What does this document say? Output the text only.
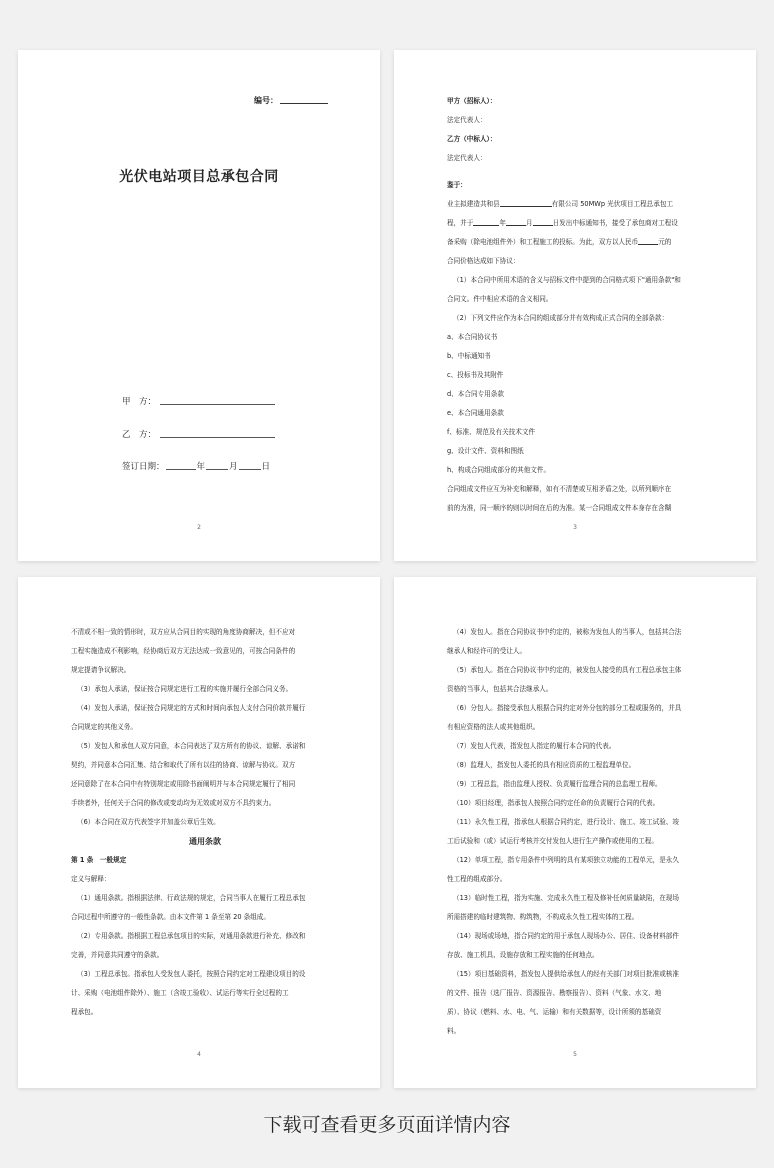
编号：
光伏电站项目总承包合同
甲　方：
乙　方：
签订日期：	年	月	日
2

甲方（招标人）：

法定代表人：

乙方（中标人）：

法定代表人：

鉴于：

业主拟建造共和县	有限公司 50MWp 光伏项目工程总承包工

程，并于	年	月	日发出中标通知书，接受了承包商对工程设

备采购（除电池组件外）和工程施工的投标。为此，双方以人民币	元的

合同价格达成如下协议：

（1）本合同中所用术语的含义与招标文件中提到的合同格式项下"通用条款"和

合同文。件中相应术语的含义相同。

（2）下列文件应作为本合同的组成部分并有效构成正式合同的全部条款：

a、本合同协议书

b、中标通知书

c、投标书及其附件

d、本合同专用条款

e、本合同通用条款

f、标准、规范及有关技术文件

g、设计文件、资料和图纸

h、构成合同组成部分的其他文件。

合同组成文件应互为补充和解释，如有不清楚或互相矛盾之处，以所列顺序在

前的为准，同一顺序的则以时间在后的为准。某一合同组成文件本身存在含糊

3

不清或不相一致的情形时，双方应从合同目的实现的角度协商解决，但不应对

工程实施造成不利影响，经协商后双方无法达成一致意见的，可按合同条件的

规定提请争议解决。

（3）承包人承诺，保证按合同规定进行工程的实施并履行全部合同义务。

（4）发包人承诺，保证按合同规定的方式和时间向承包人支付合同价款并履行

合同规定的其他义务。

（5）发包人和承包人双方同意，本合同表达了双方所有的协议、谅解、承诺和

契约，并同意本合同汇集、结合和取代了所有以往的协商、谅解与协议。双方

还同意除了在本合同中有特别规定或用除书面阐明并与本合同规定履行了相同

手续者外，任何关于合同的修改或变动均为无效或对双方不具约束力。

（6）本合同在双方代表签字并加盖公章后生效。

通用条款

第 1 条　一般规定

定义与解释：

（1）通用条款。指根据法律、行政法规的规定，合同当事人在履行工程总承包

合同过程中所遵守的一般性条款。由本文件第 1 条至第 20 条组成。

（2）专用条款。指根据工程总承包项目的实际，对通用条款进行补充、修改和

完善，并同意共同遵守的条款。

（3）工程总承包。指承包人受发包人委托，按照合同约定对工程建设项目的设

计、采购（电池组件除外）、施工（含竣工验收）、试运行等实行全过程的工

程承包。

4

（4）发包人。指在合同协议书中约定的，被称为发包人的当事人，包括其合法

继承人和经许可的受让人。

（5）承包人。指在合同协议书中约定的，被发包人接受的具有工程总承包主体

资格的当事人，包括其合法继承人。

（6）分包人。指接受承包人根据合同约定对外分包的部分工程或服务的，并具

有相应资格的法人或其他组织。

（7）发包人代表，指发包人指定的履行本合同的代表。

（8）监理人，指发包人委托的具有相应资质的工程监理单位。

（9）工程总监，指由监理人授权、负责履行监理合同的总监理工程师。

（10）项目经理，指承包人按照合同约定任命的负责履行合同的代表。

（11）永久性工程，指承包人根据合同约定，进行设计、施工、竣工试验、竣

工后试验和（或）试运行考核并交付发包人进行生产操作或使用的工程。

（12）单项工程，指专用条件中列明的具有某项独立功能的工程单元，是永久

性工程的组成部分。

（13）临时性工程，指为实施、完成永久性工程及修补任何质量缺陷，在现场

所需搭建的临时建筑物、构筑物，不构成永久性工程实体的工程。

（14）现场或场地，指合同约定的用于承包人现场办公、居住、设备材料部件

存放、施工机具、设施存放和工程实施的任何地点。

（15）项目基础资料，指发包人提供给承包人的经有关部门对项目批准或核准

的文件、报告（选厂报告、资源报告、勘察报告）、资料（气象、水文、地

质）、协议（燃料、水、电、气、运输）和有关数据等，设计所须的基础资

料。

5
下载可查看更多页面详情内容
